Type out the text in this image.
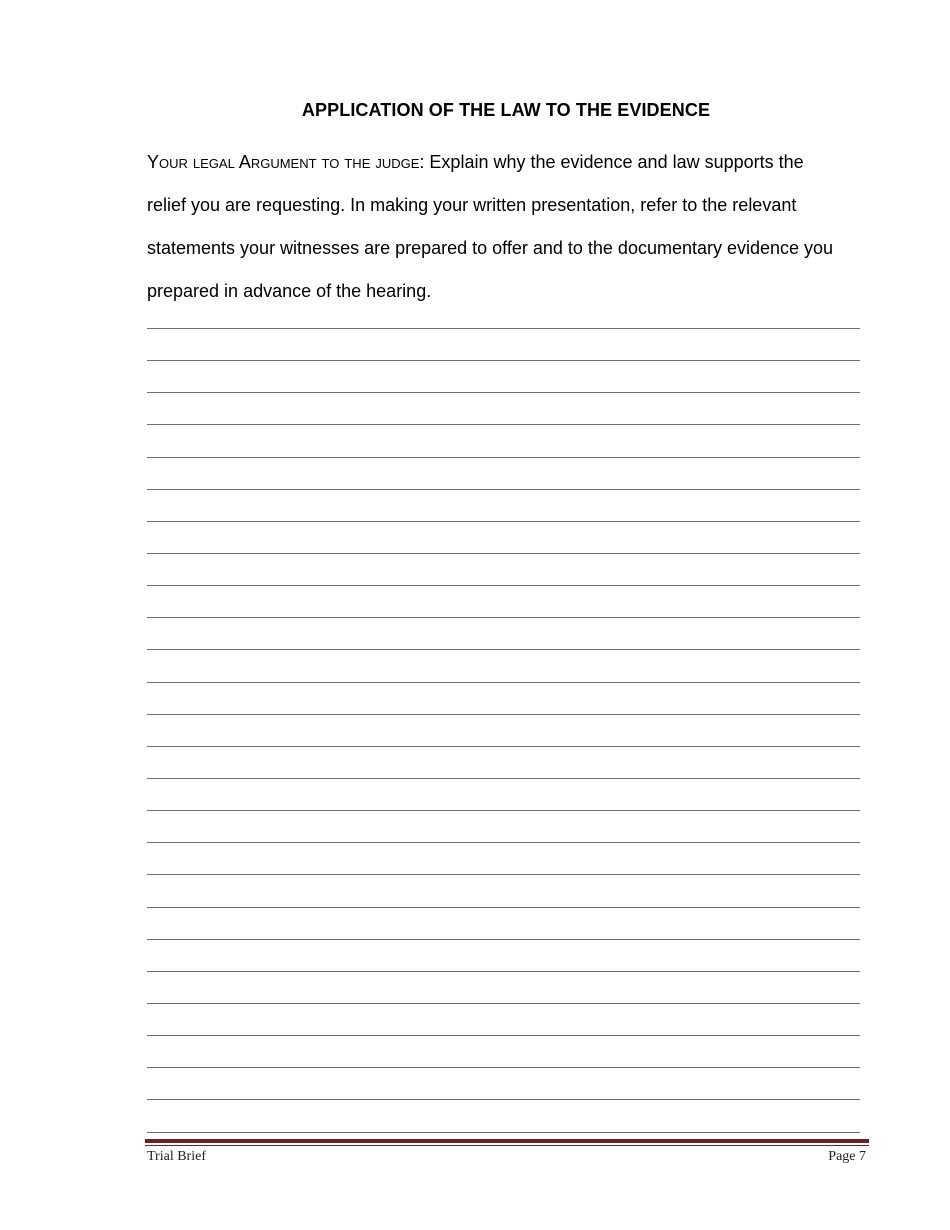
APPLICATION OF THE LAW TO THE EVIDENCE

Your legal Argument to the judge: Explain why the evidence and law supports the

relief you are requesting. In making your written presentation, refer to the relevant

statements your witnesses are prepared to offer and to the documentary evidence you

prepared in advance of the hearing.

Trial Brief	Page 7
